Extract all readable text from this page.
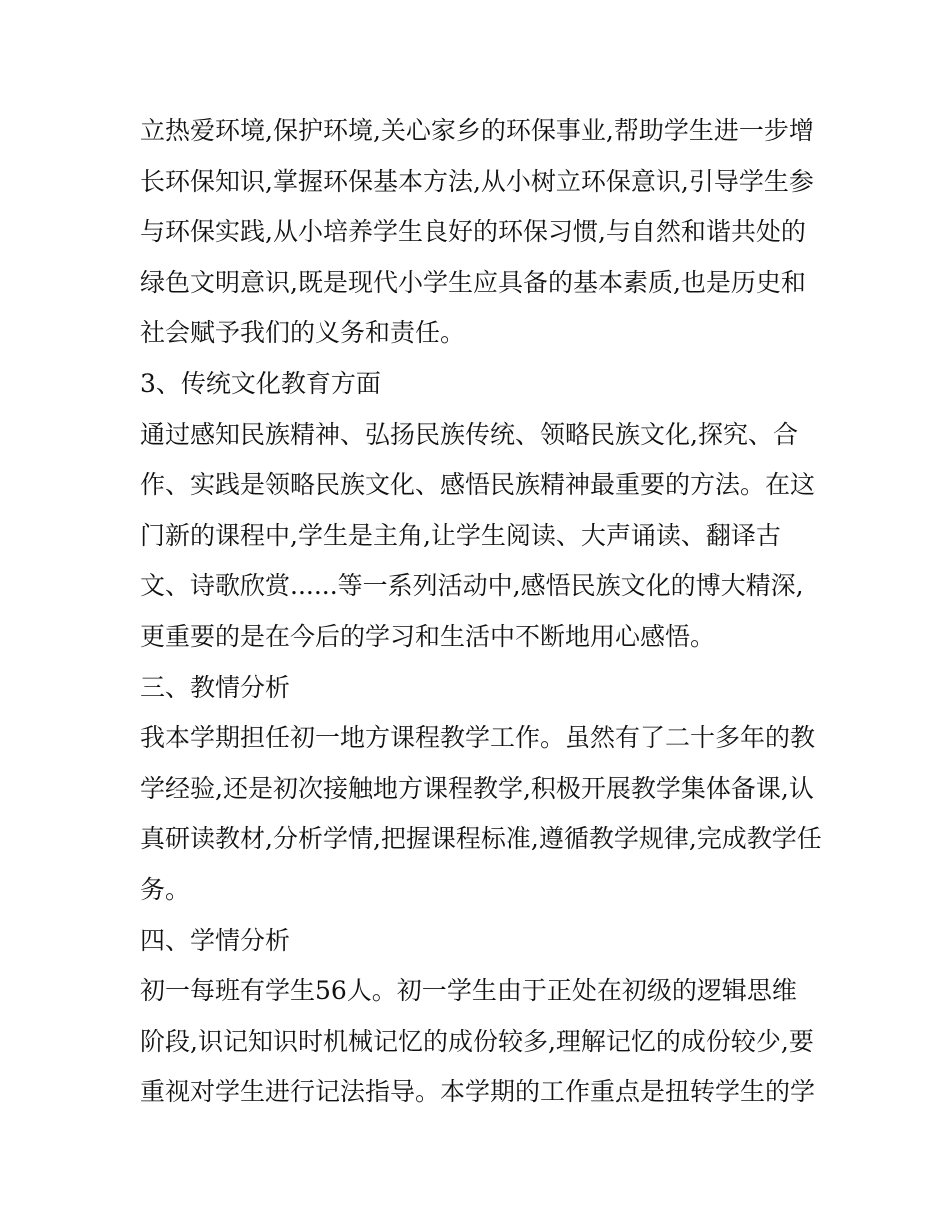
立热爱环境,保护环境,关心家乡的环保事业,帮助学生进一步增
长环保知识,掌握环保基本方法,从小树立环保意识,引导学生参
与环保实践,从小培养学生良好的环保习惯,与自然和谐共处的
绿色文明意识,既是现代小学生应具备的基本素质,也是历史和
社会赋予我们的义务和责任。
3、传统文化教育方面
通过感知民族精神、弘扬民族传统、领略民族文化,探究、合
作、实践是领略民族文化、感悟民族精神最重要的方法。在这
门新的课程中,学生是主角,让学生阅读、大声诵读、翻译古
文、诗歌欣赏......等一系列活动中,感悟民族文化的博大精深,
更重要的是在今后的学习和生活中不断地用心感悟。
三、教情分析
我本学期担任初一地方课程教学工作。虽然有了二十多年的教
学经验,还是初次接触地方课程教学,积极开展教学集体备课,认
真研读教材,分析学情,把握课程标准,遵循教学规律,完成教学任
务。
四、学情分析
初一每班有学生56人。初一学生由于正处在初级的逻辑思维
阶段,识记知识时机械记忆的成份较多,理解记忆的成份较少,要
重视对学生进行记法指导。本学期的工作重点是扭转学生的学
